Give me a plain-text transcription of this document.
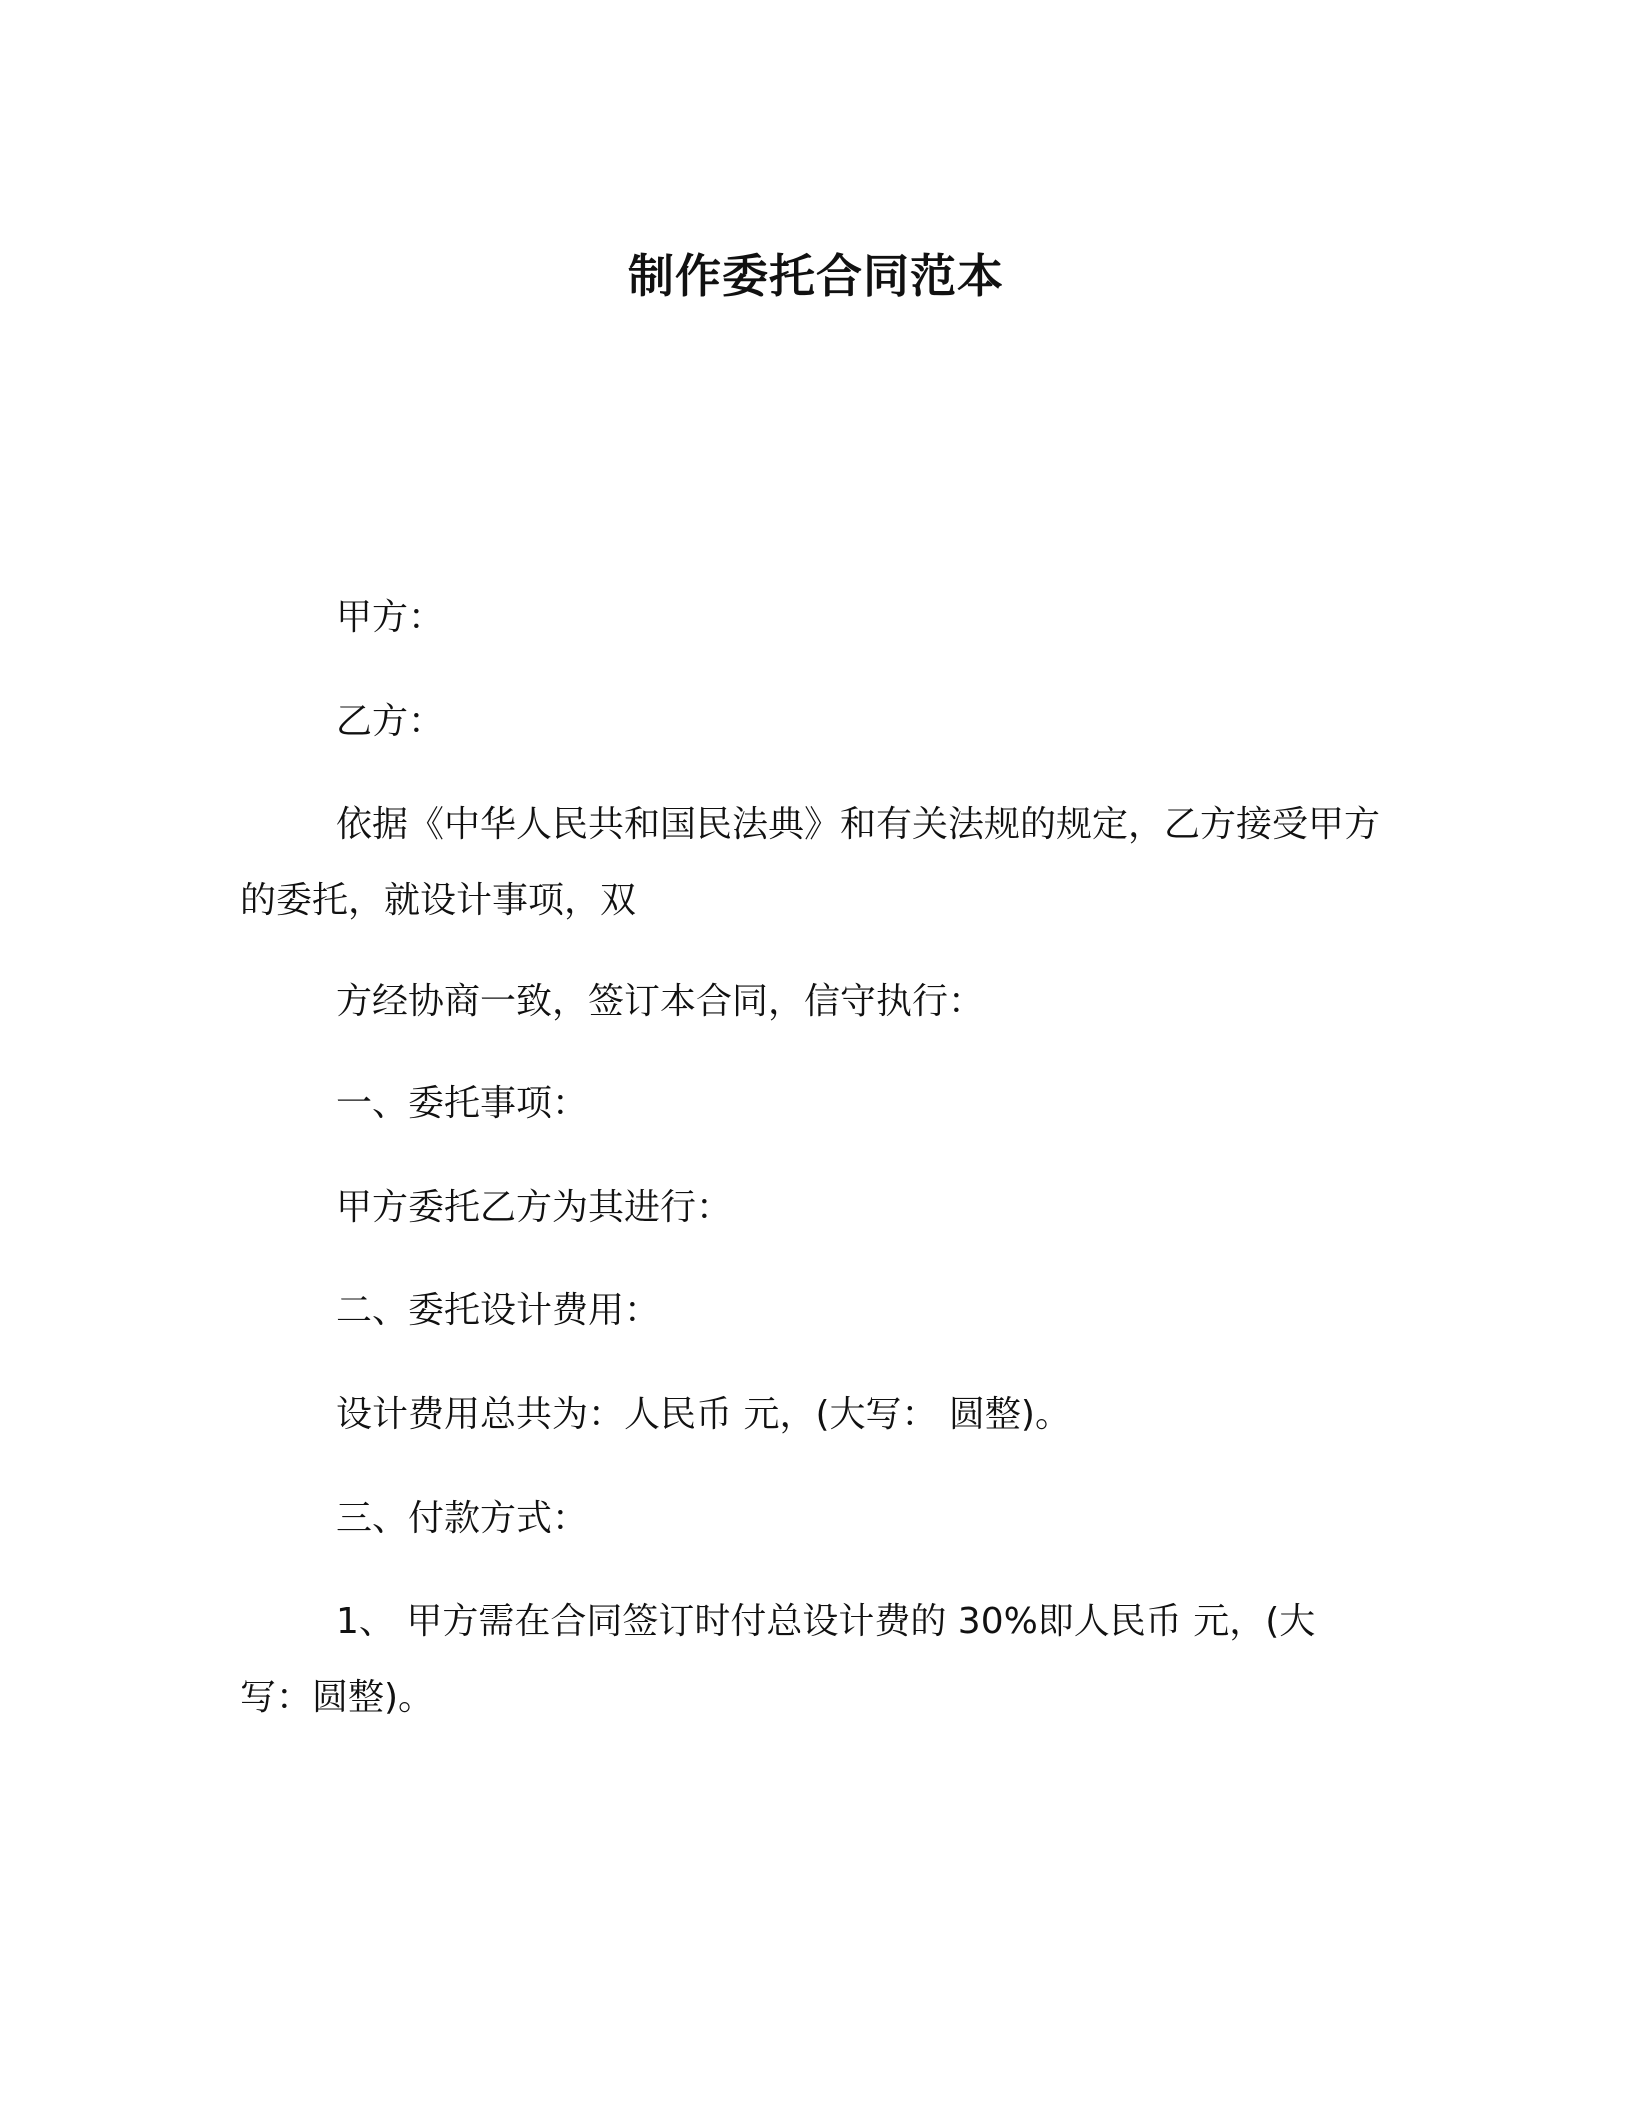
制作委托合同范本

甲方：

乙方：

依据《中华人民共和国民法典》和有关法规的规定，乙方接受甲方的委托，就设计事项，双

方经协商一致，签订本合同，信守执行：

一、委托事项：

甲方委托乙方为其进行：

二、委托设计费用：

设计费用总共为：人民币 元，(大写： 圆整)。

三、付款方式：

1、 甲方需在合同签订时付总设计费的 30%即人民币 元，(大写：圆整)。
